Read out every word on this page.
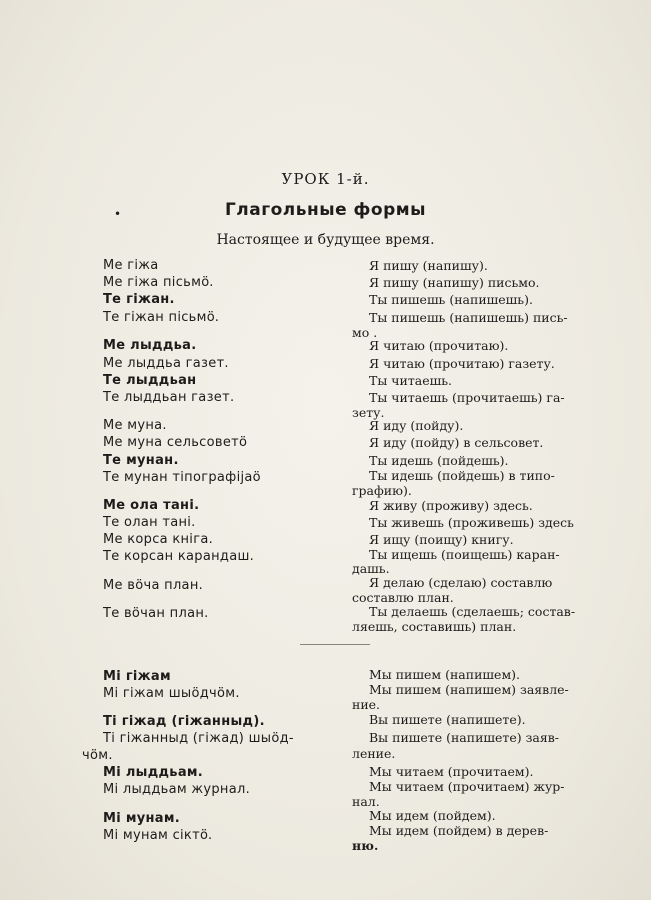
УРОК 1-й.
•	Глагольные формы
Настоящее и будущее время.
Ме гіжа
Ме гіжа пісьмö.
Те гіжан.
Те гіжан пісьмö.
Ме лыддьа.
Ме лыддьа газет.
Те лыддьан
Те лыддьан газет.
Ме муна.
Ме муна сельсоветö
Те мунан.
Те мунан тiпографiјаö
Ме ола тані.
Те олан тані.
Ме корса кніга.
Те корсан карандаш.
Ме вöча план.
Те вöчан план.
Мі гіжам
Мі гіжам шыöдчöм.
Ті гіжад (гіжанныд).
Ті гіжанныд (гіжад) шыöд-
чöм.
Мі лыддьам.
Мі лыддьам журнал.
Мі мунам.
Мі мунам сіктö.
Я пишу (напишу).
Я пишу (напишу) письмо.
Ты пишешь (напишешь).
Ты пишешь (напишешь) пись-
мо .
Я читаю (прочитаю).
Я читаю (прочитаю) газету.
Ты читаешь.
Ты читаешь (прочитаешь) га-
зету.
Я иду (пойду).
Я иду (пойду) в сельсовет.
Ты идешь (пойдешь).
Ты идешь (пойдешь) в типо-
графию).
Я живу (проживу) здесь.
Ты живешь (проживешь) здесь
Я ищу (поищу) книгу.
Ты ищешь (поищешь) каран-
дашь.
Я делаю (сделаю) составлю
составлю план.
Ты делаешь (сделаешь; состав-
ляешь, составишь) план.
Мы пишем (напишем).
Мы пишем (напишем) заявле-
ние.
Вы пишете (напишете).
Вы пишете (напишете) заяв-
ление.
Мы читаем (прочитаем).
Мы читаем (прочитаем) жур-
нал.
Мы идем (пойдем).
Мы идем (пойдем) в дерев-
ню.
